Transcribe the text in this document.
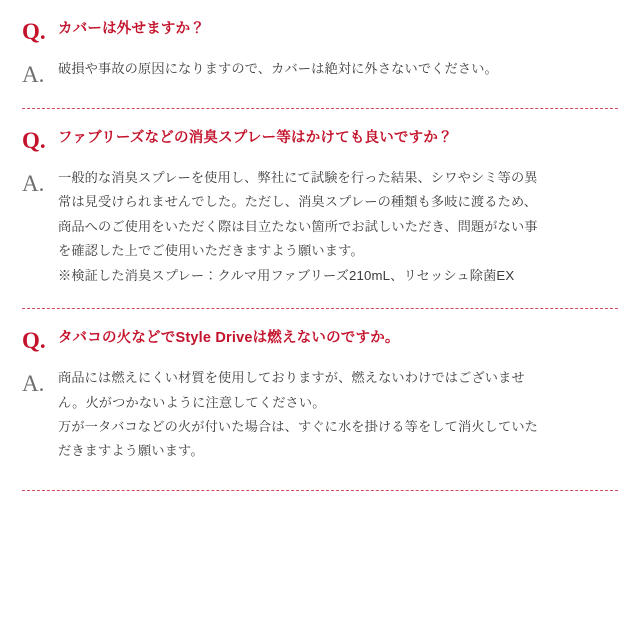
Q. カバーは外せますか？
A.	破損や事故の原因になりますので、カバーは絶対に外さないでください。

Q. ファブリーズなどの消臭スプレー等はかけても良いですか？
A.	一般的な消臭スプレーを使用し、弊社にて試験を行った結果、シワやシミ等の異

常は見受けられませんでした。ただし、消臭スプレーの種類も多岐に渡るため、

商品へのご使用をいただく際は目立たない箇所でお試しいただき、問題がない事

を確認した上でご使用いただきますよう願います。

※検証した消臭スプレー：クルマ用ファブリーズ210mL、リセッシュ除菌EX

Q. タバコの火などでStyle Driveは燃えないのですか。
A.	商品には燃えにくい材質を使用しておりますが、燃えないわけではございませ

ん。火がつかないように注意してください。

万が一タバコなどの火が付いた場合は、すぐに水を掛ける等をして消火していた

だきますよう願います。
